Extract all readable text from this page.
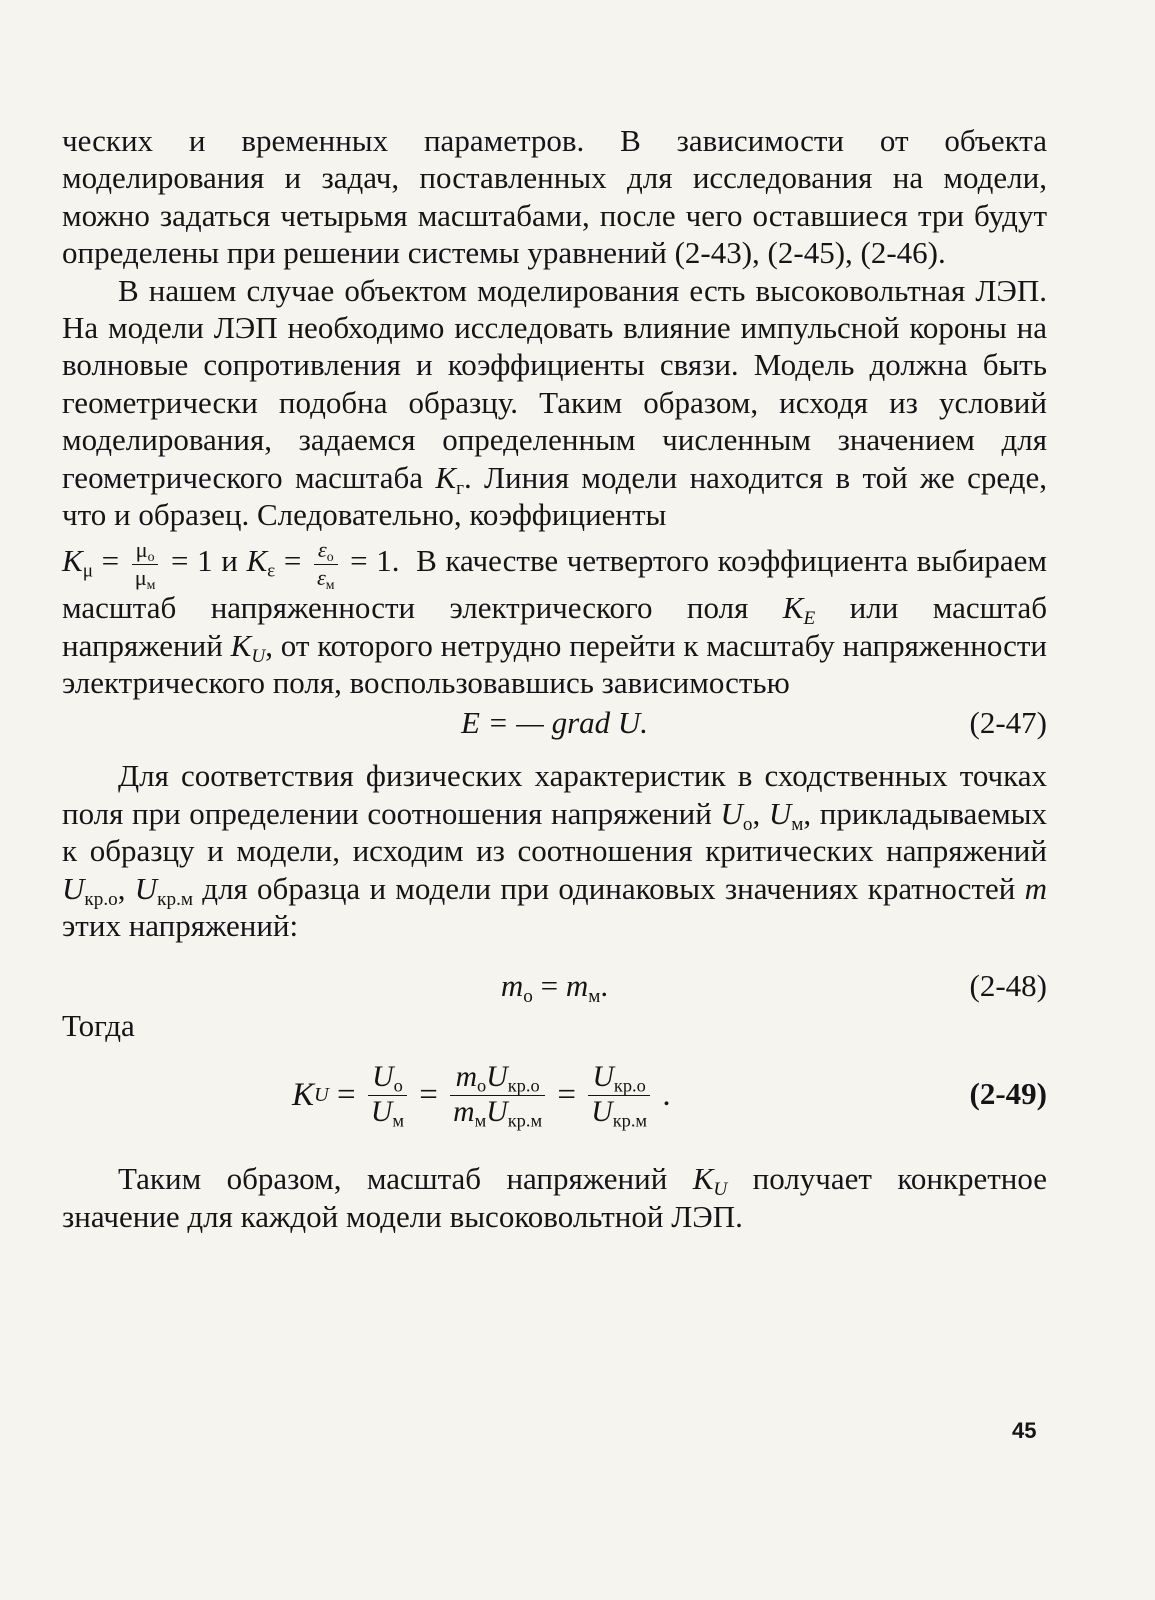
ческих и временных параметров. В зависимости от объекта моделирования и задач, поставленных для исследования на модели, можно задаться четырьмя масштабами, после чего оставшиеся три будут определены при решении системы уравнений (2-43), (2-45), (2-46).

В нашем случае объектом моделирования есть высоковольтная ЛЭП. На модели ЛЭП необходимо исследовать влияние импульсной короны на волновые сопротивления и коэффициенты связи. Модель должна быть геометрически подобна образцу. Таким образом, исходя из условий моделирования, задаемся определенным численным значением для геометрического масштаба $K_г$. Линия модели находится в той же среде, что и образец. Следовательно, коэффициенты

$K_\mu = \frac{\mu_о}{\mu_м} = 1$ и $K_\varepsilon = \frac{\varepsilon_о}{\varepsilon_м} = 1$. В качестве четвертого коэффициента выбираем масштаб напряженности электрического поля $K_E$ или масштаб напряжений $K_U$, от которого нетрудно перейти к масштабу напряженности электрического поля, воспользовавшись зависимостью

E = — grad U.	(2-47)

Для соответствия физических характеристик в сходственных точках поля при определении соотношения напряжений $U_о$, $U_м$, прикладываемых к образцу и модели, исходим из соотношения критических напряжений $U_{кр.о}$, $U_{кр.м}$ для образца и модели при одинаковых значениях кратностей m этих напряжений:

$m_о = m_м$.	(2-48)
Тогда
K $U = \frac{U_о}{U_м} = \frac{m_оU_{кр.о}}{m_мU_{кр.м}} = \frac{U_{кр.о}}{U_{кр.м}}$ .	(2-49)

Таким образом, масштаб напряжений $K_U$ получает конкретное значение для каждой модели высоковольтной ЛЭП.

45
